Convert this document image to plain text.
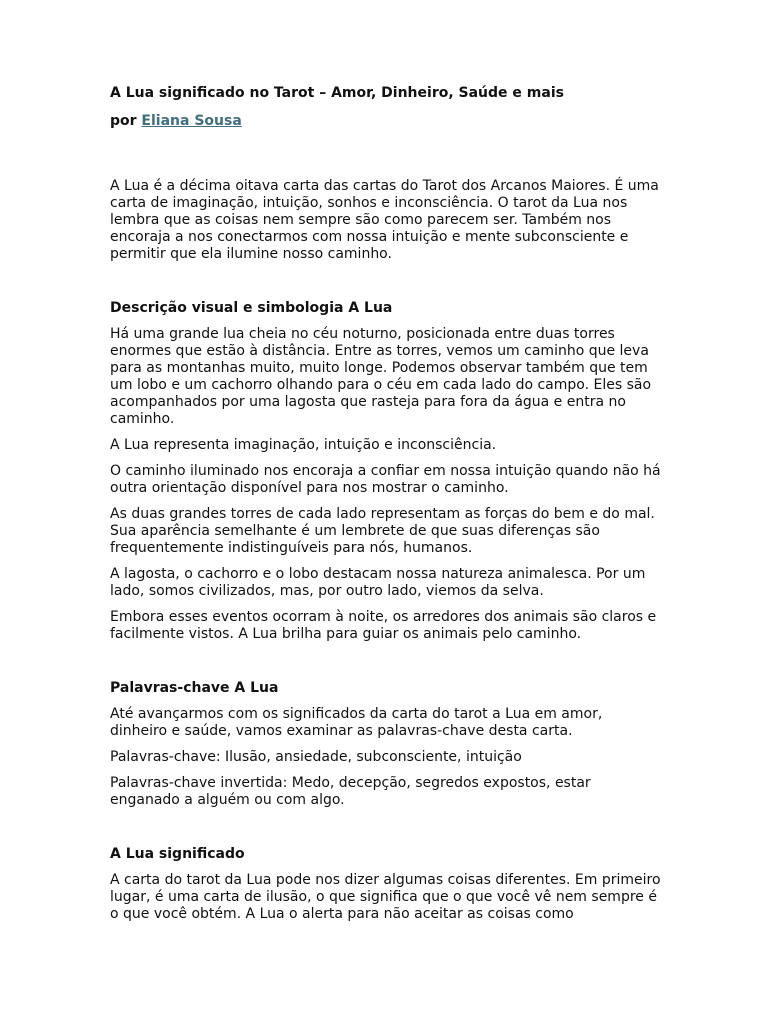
A Lua significado no Tarot – Amor, Dinheiro, Saúde e mais
por Eliana Sousa

A Lua é a décima oitava carta das cartas do Tarot dos Arcanos Maiores. É uma carta de imaginação, intuição, sonhos e inconsciência. O tarot da Lua nos lembra que as coisas nem sempre são como parecem ser. Também nos encoraja a nos conectarmos com nossa intuição e mente subconsciente e permitir que ela ilumine nosso caminho.

Descrição visual e simbologia A Lua

Há uma grande lua cheia no céu noturno, posicionada entre duas torres enormes que estão à distância. Entre as torres, vemos um caminho que leva para as montanhas muito, muito longe. Podemos observar também que tem um lobo e um cachorro olhando para o céu em cada lado do campo. Eles são acompanhados por uma lagosta que rasteja para fora da água e entra no caminho.

A Lua representa imaginação, intuição e inconsciência.

O caminho iluminado nos encoraja a confiar em nossa intuição quando não há outra orientação disponível para nos mostrar o caminho.

As duas grandes torres de cada lado representam as forças do bem e do mal. Sua aparência semelhante é um lembrete de que suas diferenças são frequentemente indistinguíveis para nós, humanos.

A lagosta, o cachorro e o lobo destacam nossa natureza animalesca. Por um lado, somos civilizados, mas, por outro lado, viemos da selva.

Embora esses eventos ocorram à noite, os arredores dos animais são claros e facilmente vistos. A Lua brilha para guiar os animais pelo caminho.

Palavras-chave A Lua

Até avançarmos com os significados da carta do tarot a Lua em amor, dinheiro e saúde, vamos examinar as palavras-chave desta carta.

Palavras-chave: Ilusão, ansiedade, subconsciente, intuição

Palavras-chave invertida: Medo, decepção, segredos expostos, estar enganado a alguém ou com algo.

A Lua significado

A carta do tarot da Lua pode nos dizer algumas coisas diferentes. Em primeiro lugar, é uma carta de ilusão, o que significa que o que você vê nem sempre é o que você obtém. A Lua o alerta para não aceitar as coisas como
